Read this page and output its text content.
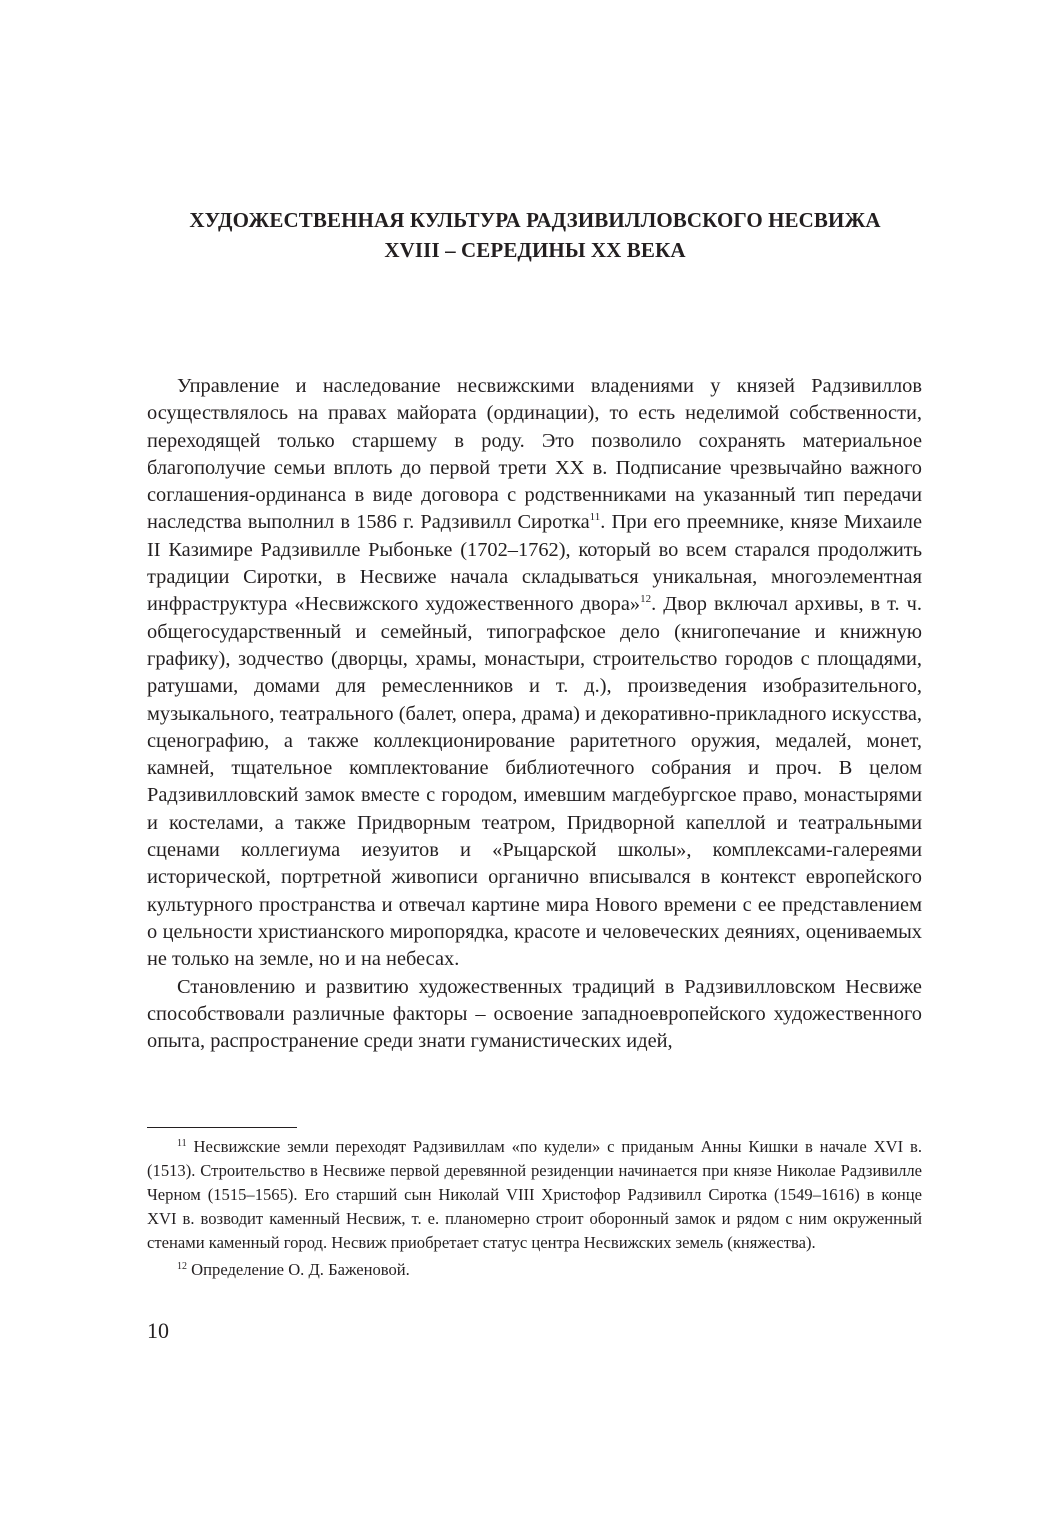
ХУДОЖЕСТВЕННАЯ КУЛЬТУРА РАДЗИВИЛЛОВСКОГО НЕСВИЖА
XVIII – СЕРЕДИНЫ XX ВЕКА

Управление и наследование несвижскими владениями у князей Радзивиллов осуществлялось на правах майората (ординации), то есть неделимой собственности, переходящей только старшему в роду. Это позволило сохранять материальное благополучие семьи вплоть до первой трети XX в. Подписание чрезвычайно важного соглашения-ординанса в виде договора с родственниками на указанный тип передачи наследства выполнил в 1586 г. Радзивилл Сиротка$^{11}$. При его преемнике, князе Михаиле II Казимире Радзивилле Рыбоньке (1702–1762), который во всем старался продолжить традиции Сиротки, в Несвиже начала складываться уникальная, многоэлементная инфраструктура «Несвижского художественного двора»$^{12}$. Двор включал архивы, в т. ч. общегосударственный и семейный, типографское дело (книгопечание и книжную графику), зодчество (дворцы, храмы, монастыри, строительство городов с площадями, ратушами, домами для ремесленников и т. д.), произведения изобразительного, музыкального, театрального (балет, опера, драма) и декоративно-прикладного искусства, сценографию, а также коллекционирование раритетного оружия, медалей, монет, камней, тщательное комплектование библиотечного собрания и проч. В целом Радзивилловский замок вместе с городом, имевшим магдебургское право, монастырями и костелами, а также Придворным театром, Придворной капеллой и театральными сценами коллегиума иезуитов и «Рыцарской школы», комплексами-галереями исторической, портретной живописи органично вписывался в контекст европейского культурного пространства и отвечал картине мира Нового времени с ее представлением о цельности христианского миропорядка, красоте и человеческих деяниях, оцениваемых не только на земле, но и на небесах.

Становлению и развитию художественных традиций в Радзивилловском Несвиже способствовали различные факторы – освоение западноевропейского художественного опыта, распространение среди знати гуманистических идей,

$^{11}$ Несвижские земли переходят Радзивиллам «по кудели» с приданым Анны Кишки в начале XVI в. (1513). Строительство в Несвиже первой деревянной резиденции начинается при князе Николае Радзивилле Черном (1515–1565). Его старший сын Николай VIII Христофор Радзивилл Сиротка (1549–1616) в конце XVI в. возводит каменный Несвиж, т. е. планомерно строит оборонный замок и рядом с ним окруженный стенами каменный город. Несвиж приобретает статус центра Несвижских земель (княжества).

$^{12}$ Определение О. Д. Баженовой.

10
